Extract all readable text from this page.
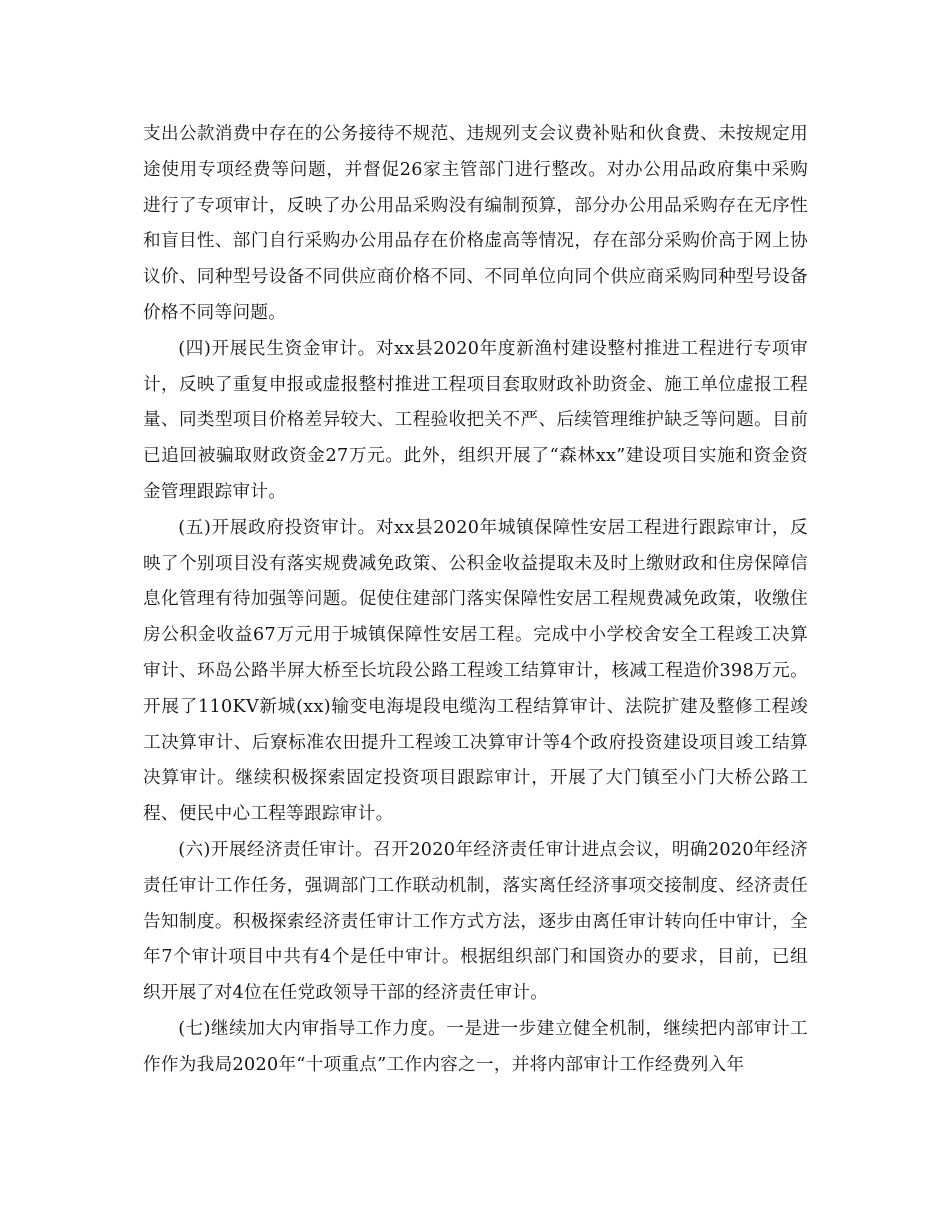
支出公款消费中存在的公务接待不规范、违规列支会议费补贴和伙食费、未按规定用途使用专项经费等问题，并督促26家主管部门进行整改。对办公用品政府集中采购进行了专项审计，反映了办公用品采购没有编制预算，部分办公用品采购存在无序性和盲目性、部门自行采购办公用品存在价格虚高等情况，存在部分采购价高于网上协议价、同种型号设备不同供应商价格不同、不同单位向同个供应商采购同种型号设备价格不同等问题。

(四)开展民生资金审计。对xx县2020年度新渔村建设整村推进工程进行专项审计，反映了重复申报或虚报整村推进工程项目套取财政补助资金、施工单位虚报工程量、同类型项目价格差异较大、工程验收把关不严、后续管理维护缺乏等问题。目前已追回被骗取财政资金27万元。此外，组织开展了“森林xx”建设项目实施和资金资金管理跟踪审计。

(五)开展政府投资审计。对xx县2020年城镇保障性安居工程进行跟踪审计，反映了个别项目没有落实规费减免政策、公积金收益提取未及时上缴财政和住房保障信息化管理有待加强等问题。促使住建部门落实保障性安居工程规费减免政策，收缴住房公积金收益67万元用于城镇保障性安居工程。完成中小学校舍安全工程竣工决算审计、环岛公路半屏大桥至长坑段公路工程竣工结算审计，核减工程造价398万元。开展了110KV新城(xx)输变电海堤段电缆沟工程结算审计、法院扩建及整修工程竣工决算审计、后寮标准农田提升工程竣工决算审计等4个政府投资建设项目竣工结算决算审计。继续积极探索固定投资项目跟踪审计，开展了大门镇至小门大桥公路工程、便民中心工程等跟踪审计。

(六)开展经济责任审计。召开2020年经济责任审计进点会议，明确2020年经济责任审计工作任务，强调部门工作联动机制，落实离任经济事项交接制度、经济责任告知制度。积极探索经济责任审计工作方式方法，逐步由离任审计转向任中审计，全年7个审计项目中共有4个是任中审计。根据组织部门和国资办的要求，目前，已组织开展了对4位在任党政领导干部的经济责任审计。

(七)继续加大内审指导工作力度。一是进一步建立健全机制，继续把内部审计工作作为我局2020年“十项重点”工作内容之一，并将内部审计工作经费列入年
